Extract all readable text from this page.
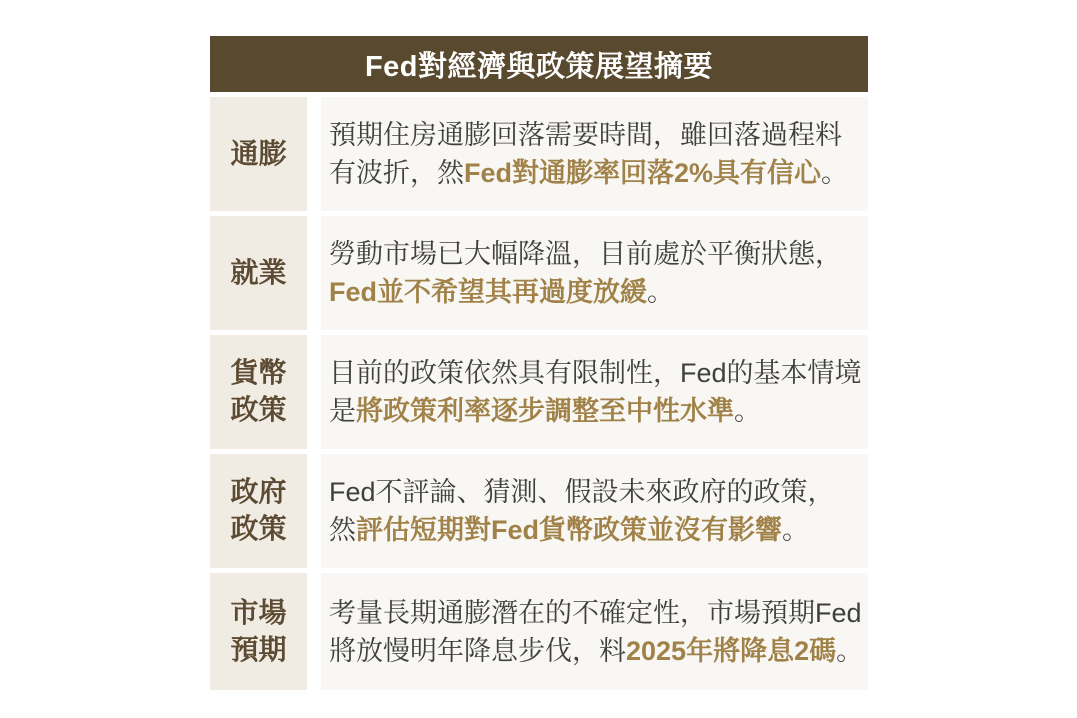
Fed對經濟與政策展望摘要
通膨

預期住房通膨回落需要時間，雖回落過程料
有波折，然Fed對通膨率回落2%具有信心。

就業

勞動市場已大幅降溫，目前處於平衡狀態，
Fed並不希望其再過度放緩。

貨幣
政策

目前的政策依然具有限制性，Fed的基本情境
是將政策利率逐步調整至中性水準。

政府
政策

Fed不評論、猜測、假設未來政府的政策，
然評估短期對Fed貨幣政策並沒有影響。

市場
預期

考量長期通膨潛在的不確定性，市場預期Fed
將放慢明年降息步伐，料2025年將降息2碼。
